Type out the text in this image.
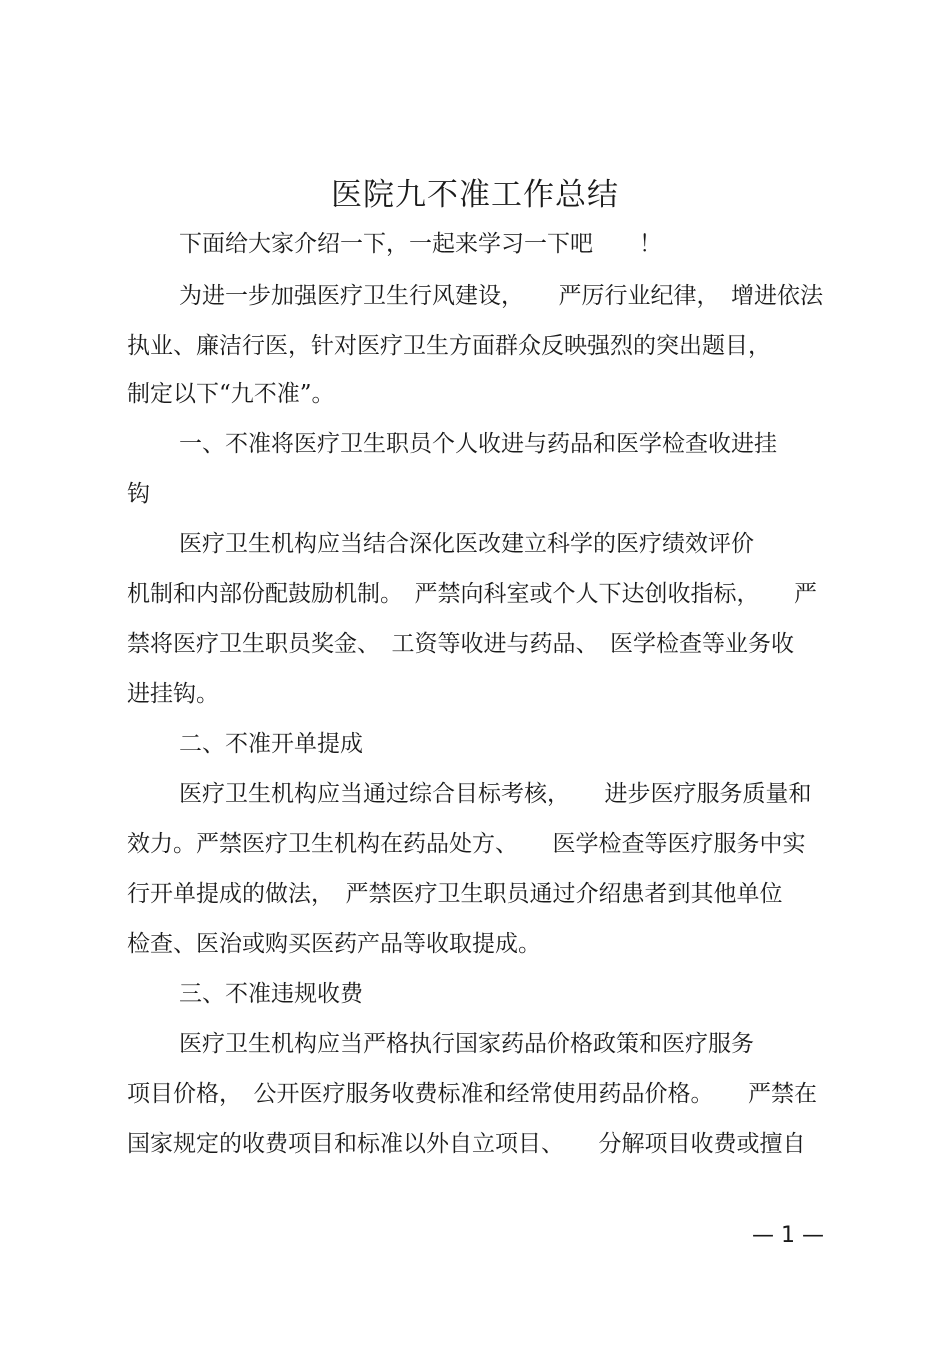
医院九不准工作总结
下面给大家介绍一下，一起来学习一下吧　　！
为进一步加强医疗卫生行风建设，　　严厉行业纪律，　增进依法
执业、廉洁行医，针对医疗卫生方面群众反映强烈的突出题目，
制定以下“九不准”。
一、不准将医疗卫生职员个人收进与药品和医学检查收进挂
钩
医疗卫生机构应当结合深化医改建立科学的医疗绩效评价
机制和内部份配鼓励机制。　严禁向科室或个人下达创收指标，　　严
禁将医疗卫生职员奖金、　工资等收进与药品、　医学检查等业务收
进挂钩。
二、不准开单提成
医疗卫生机构应当通过综合目标考核，　　进步医疗服务质量和
效力。严禁医疗卫生机构在药品处方、　　医学检查等医疗服务中实
行开单提成的做法，　严禁医疗卫生职员通过介绍患者到其他单位
检查、医治或购买医药产品等收取提成。
三、不准违规收费
医疗卫生机构应当严格执行国家药品价格政策和医疗服务
项目价格，　公开医疗服务收费标准和经常使用药品价格。　　严禁在
国家规定的收费项目和标准以外自立项目、　　分解项目收费或擅自
— 1 —
